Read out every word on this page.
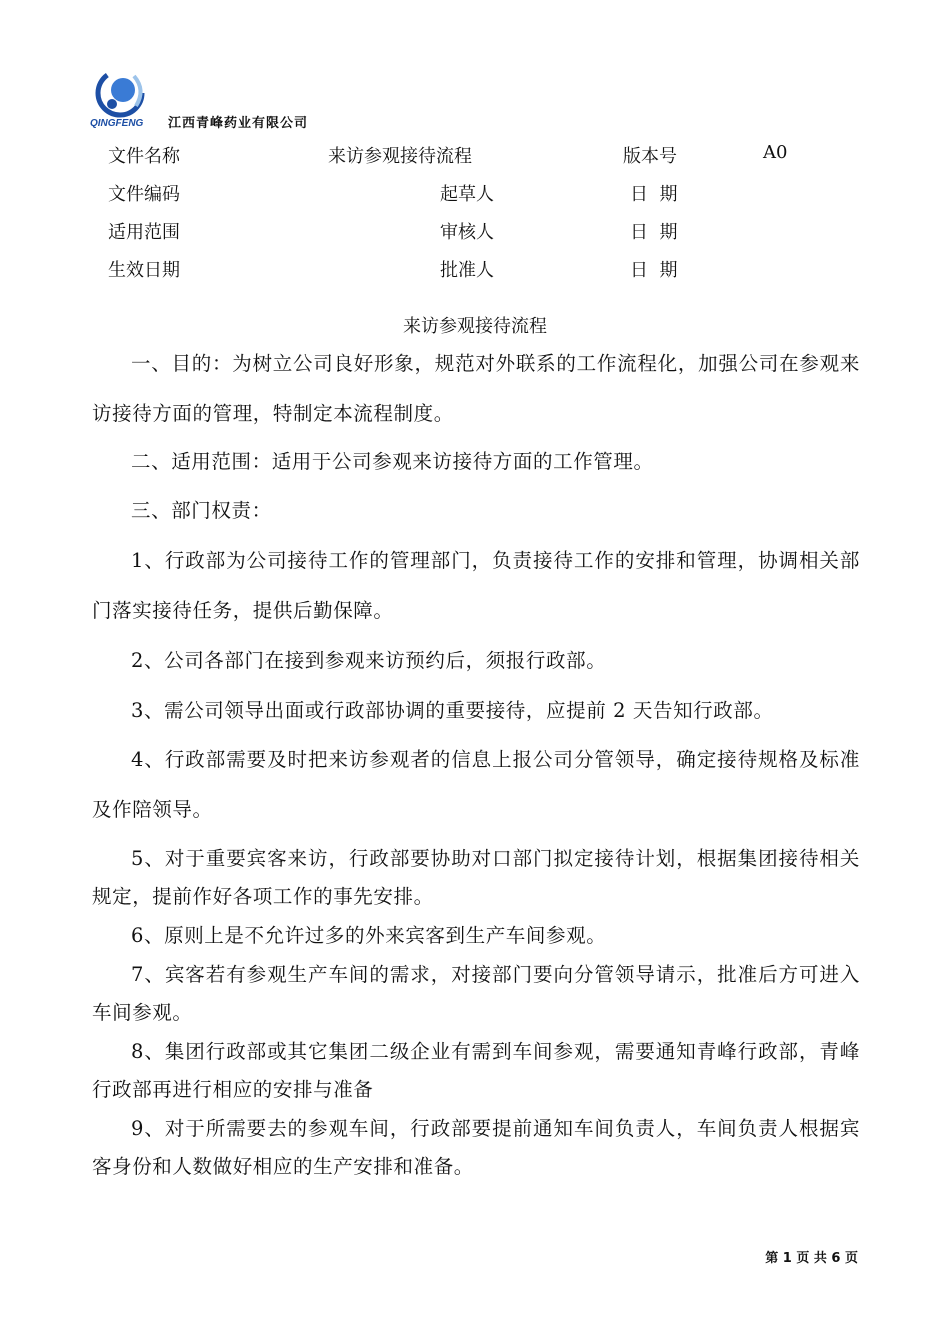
QINGFENG 江西青峰药业有限公司
文件名称	来访参观接待流程	版本号	A0
文件编码	起草人	日  期
适用范围	审核人	日  期
生效日期	批准人	日  期
来访参观接待流程

一、目的：为树立公司良好形象，规范对外联系的工作流程化，加强公司在参观来访接待方面的管理，特制定本流程制度。

二、适用范围：适用于公司参观来访接待方面的工作管理。

三、部门权责：

1、行政部为公司接待工作的管理部门，负责接待工作的安排和管理，协调相关部门落实接待任务，提供后勤保障。

2、公司各部门在接到参观来访预约后，须报行政部。

3、需公司领导出面或行政部协调的重要接待，应提前 2 天告知行政部。

4、行政部需要及时把来访参观者的信息上报公司分管领导，确定接待规格及标准及作陪领导。

5、对于重要宾客来访，行政部要协助对口部门拟定接待计划，根据集团接待相关规定，提前作好各项工作的事先安排。

6、原则上是不允许过多的外来宾客到生产车间参观。

7、宾客若有参观生产车间的需求，对接部门要向分管领导请示，批准后方可进入车间参观。

8、集团行政部或其它集团二级企业有需到车间参观，需要通知青峰行政部，青峰行政部再进行相应的安排与准备

9、对于所需要去的参观车间，行政部要提前通知车间负责人，车间负责人根据宾客身份和人数做好相应的生产安排和准备。

第 1 页 共 6 页
